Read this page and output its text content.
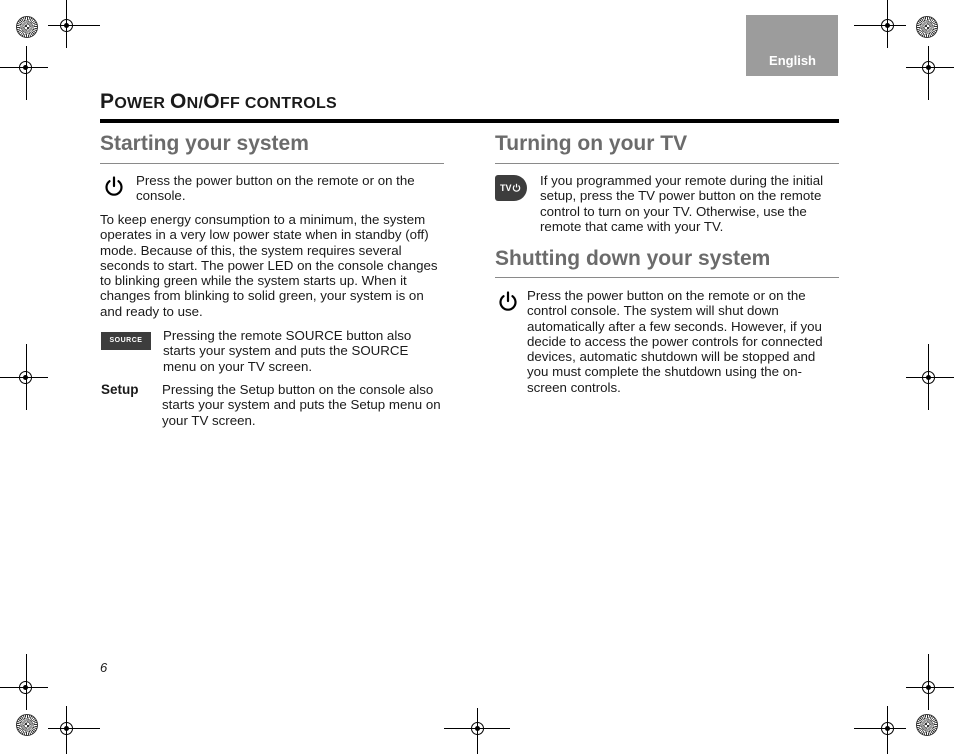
English
POWER ON/OFF CONTROLS
Starting your system

Press the power button on the remote or on the console.

To keep energy consumption to a minimum, the system operates in a very low power state when in standby (off) mode. Because of this, the system requires several seconds to start. The power LED on the console changes to blinking green while the system starts up. When it changes from blinking to solid green, your system is on and ready to use.

SOURCE	Pressing the remote SOURCE button also starts your system and puts the SOURCE menu on your TV screen.

Setup Pressing the Setup button on the console also starts your system and puts the Setup menu on your TV screen.

Turning on your TV
TV	If you programmed your remote during the initial setup, press the TV power button on the remote control to turn on your TV. Otherwise, use the remote that came with your TV.

Shutting down your system

Press the power button on the remote or on the control console. The system will shut down automatically after a few seconds. However, if you decide to access the power controls for connected devices, automatic shutdown will be stopped and you must complete the shutdown using the on-screen controls.

6
